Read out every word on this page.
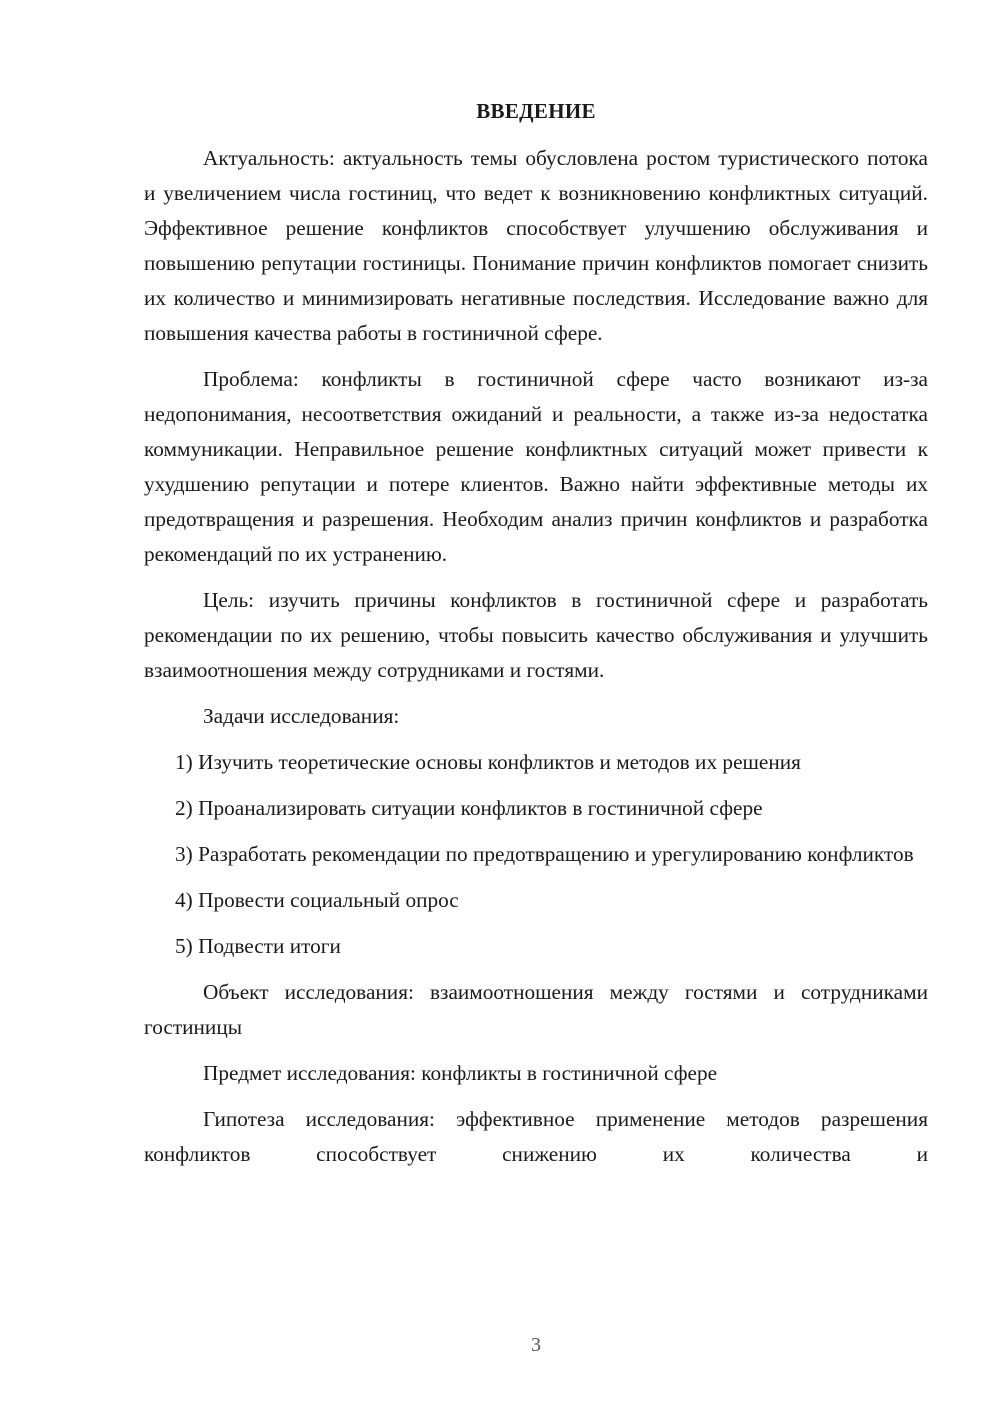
ВВЕДЕНИЕ

Актуальность: актуальность темы обусловлена ростом туристического потока и увеличением числа гостиниц, что ведет к возникновению конфликтных ситуаций. Эффективное решение конфликтов способствует улучшению обслуживания и повышению репутации гостиницы. Понимание причин конфликтов помогает снизить их количество и минимизировать негативные последствия. Исследование важно для повышения качества работы в гостиничной сфере.

Проблема: конфликты в гостиничной сфере часто возникают из-за недопонимания, несоответствия ожиданий и реальности, а также из-за недостатка коммуникации. Неправильное решение конфликтных ситуаций может привести к ухудшению репутации и потере клиентов. Важно найти эффективные методы их предотвращения и разрешения. Необходим анализ причин конфликтов и разработка рекомендаций по их устранению.

Цель: изучить причины конфликтов в гостиничной сфере и разработать рекомендации по их решению, чтобы повысить качество обслуживания и улучшить взаимоотношения между сотрудниками и гостями.

Задачи исследования:

1) Изучить теоретические основы конфликтов и методов их решения

2) Проанализировать ситуации конфликтов в гостиничной сфере

3) Разработать рекомендации по предотвращению и урегулированию конфликтов

4) Провести социальный опрос

5) Подвести итоги

Объект исследования: взаимоотношения между гостями и сотрудниками гостиницы

Предмет исследования: конфликты в гостиничной сфере

Гипотеза исследования: эффективное применение методов разрешения конфликтов способствует снижению их количества и

3
